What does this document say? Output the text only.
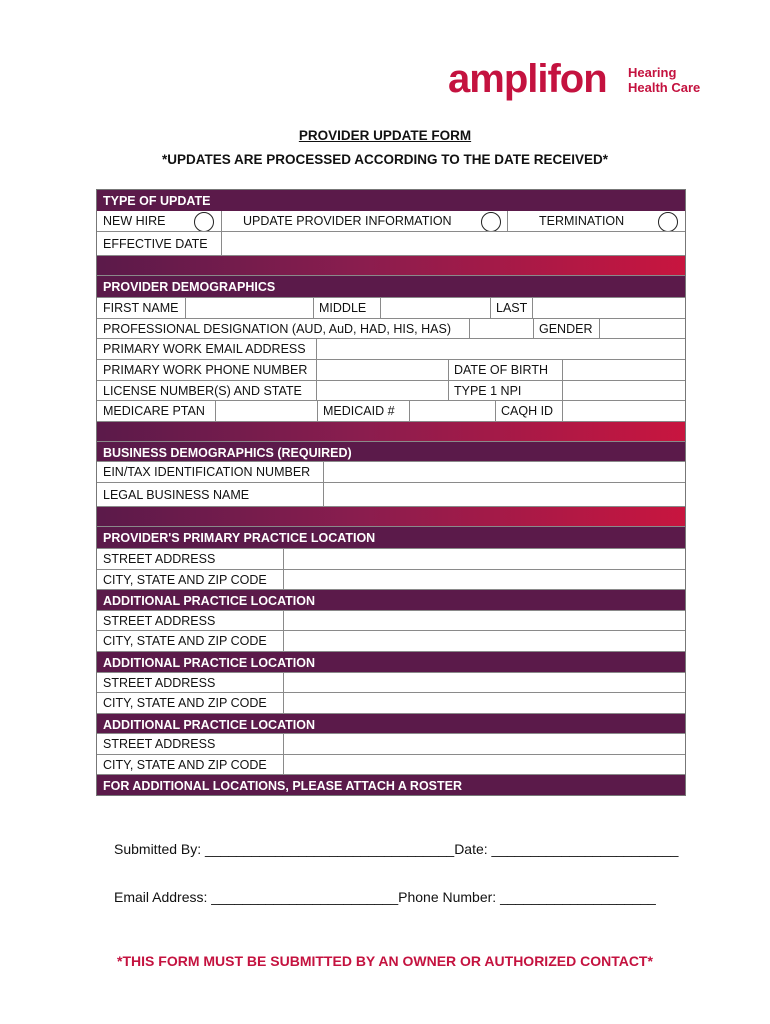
amplifon Hearing
Health Care
PROVIDER UPDATE FORM
*UPDATES ARE PROCESSED ACCORDING TO THE DATE RECEIVED*
TYPE OF UPDATE
NEW HIRE	UPDATE PROVIDER INFORMATION	TERMINATION
EFFECTIVE DATE
PROVIDER DEMOGRAPHICS
FIRST NAME	MIDDLE	LAST
PROFESSIONAL DESIGNATION (AUD, AuD, HAD, HIS, HAS)	GENDER
PRIMARY WORK EMAIL ADDRESS
PRIMARY WORK PHONE NUMBER	DATE OF BIRTH
LICENSE NUMBER(S) AND STATE	TYPE 1 NPI
MEDICARE PTAN	MEDICAID #	CAQH ID
BUSINESS DEMOGRAPHICS (REQUIRED)
EIN/TAX IDENTIFICATION NUMBER
LEGAL BUSINESS NAME
PROVIDER'S PRIMARY PRACTICE LOCATION
STREET ADDRESS
CITY, STATE AND ZIP CODE
ADDITIONAL PRACTICE LOCATION
STREET ADDRESS
CITY, STATE AND ZIP CODE
ADDITIONAL PRACTICE LOCATION
STREET ADDRESS
CITY, STATE AND ZIP CODE
ADDITIONAL PRACTICE LOCATION
STREET ADDRESS
CITY, STATE AND ZIP CODE
FOR ADDITIONAL LOCATIONS, PLEASE ATTACH A ROSTER
Submitted By: ________________________________Date: ________________________
Email Address: ________________________Phone Number: ____________________
*THIS FORM MUST BE SUBMITTED BY AN OWNER OR AUTHORIZED CONTACT*
